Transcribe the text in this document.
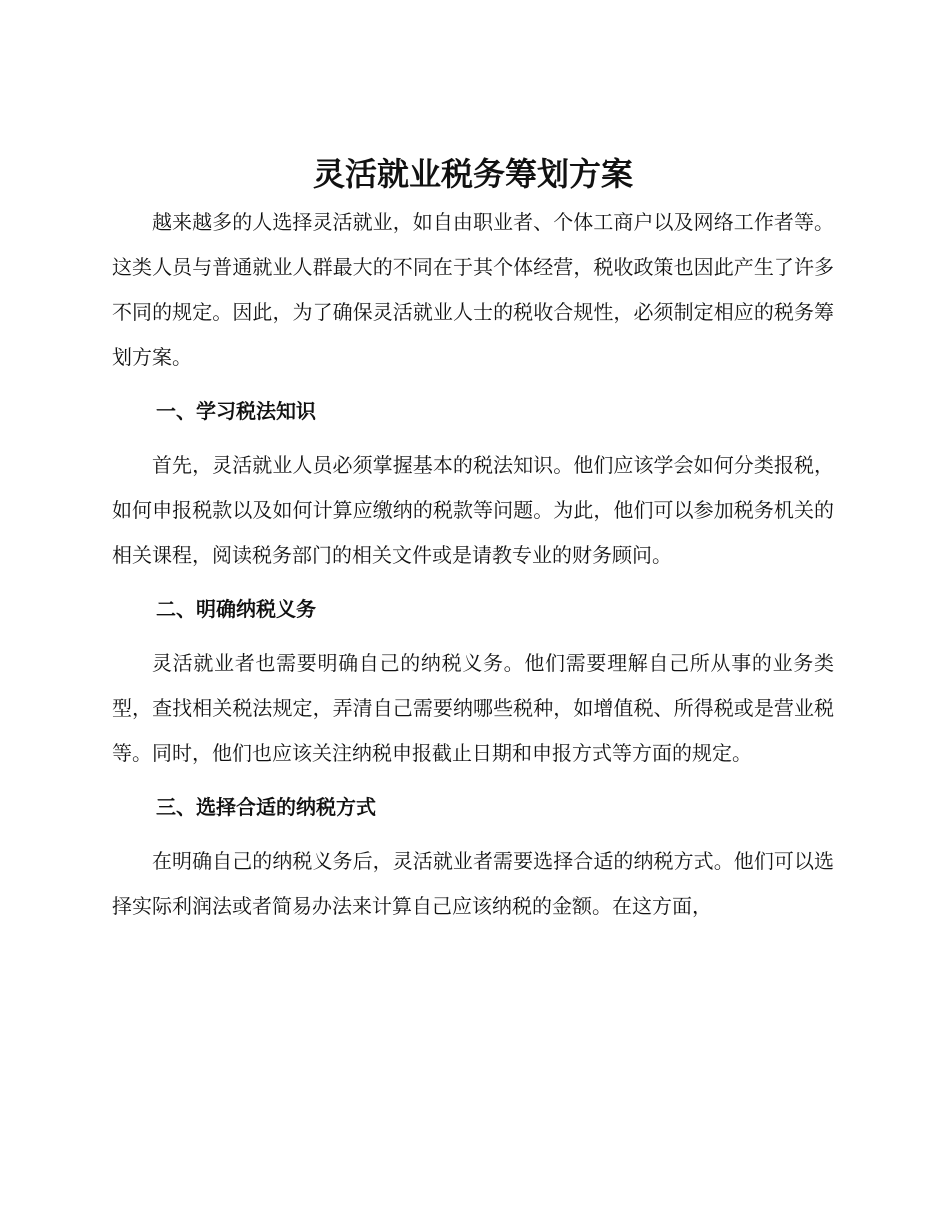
灵活就业税务筹划方案

越来越多的人选择灵活就业，如自由职业者、个体工商户以及网络工作者等。这类人员与普通就业人群最大的不同在于其个体经营，税收政策也因此产生了许多不同的规定。因此，为了确保灵活就业人士的税收合规性，必须制定相应的税务筹划方案。

一、学习税法知识

首先，灵活就业人员必须掌握基本的税法知识。他们应该学会如何分类报税，如何申报税款以及如何计算应缴纳的税款等问题。为此，他们可以参加税务机关的相关课程，阅读税务部门的相关文件或是请教专业的财务顾问。

二、明确纳税义务

灵活就业者也需要明确自己的纳税义务。他们需要理解自己所从事的业务类型，查找相关税法规定，弄清自己需要纳哪些税种，如增值税、所得税或是营业税等。同时，他们也应该关注纳税申报截止日期和申报方式等方面的规定。

三、选择合适的纳税方式

在明确自己的纳税义务后，灵活就业者需要选择合适的纳税方式。他们可以选择实际利润法或者简易办法来计算自己应该纳税的金额。在这方面，
